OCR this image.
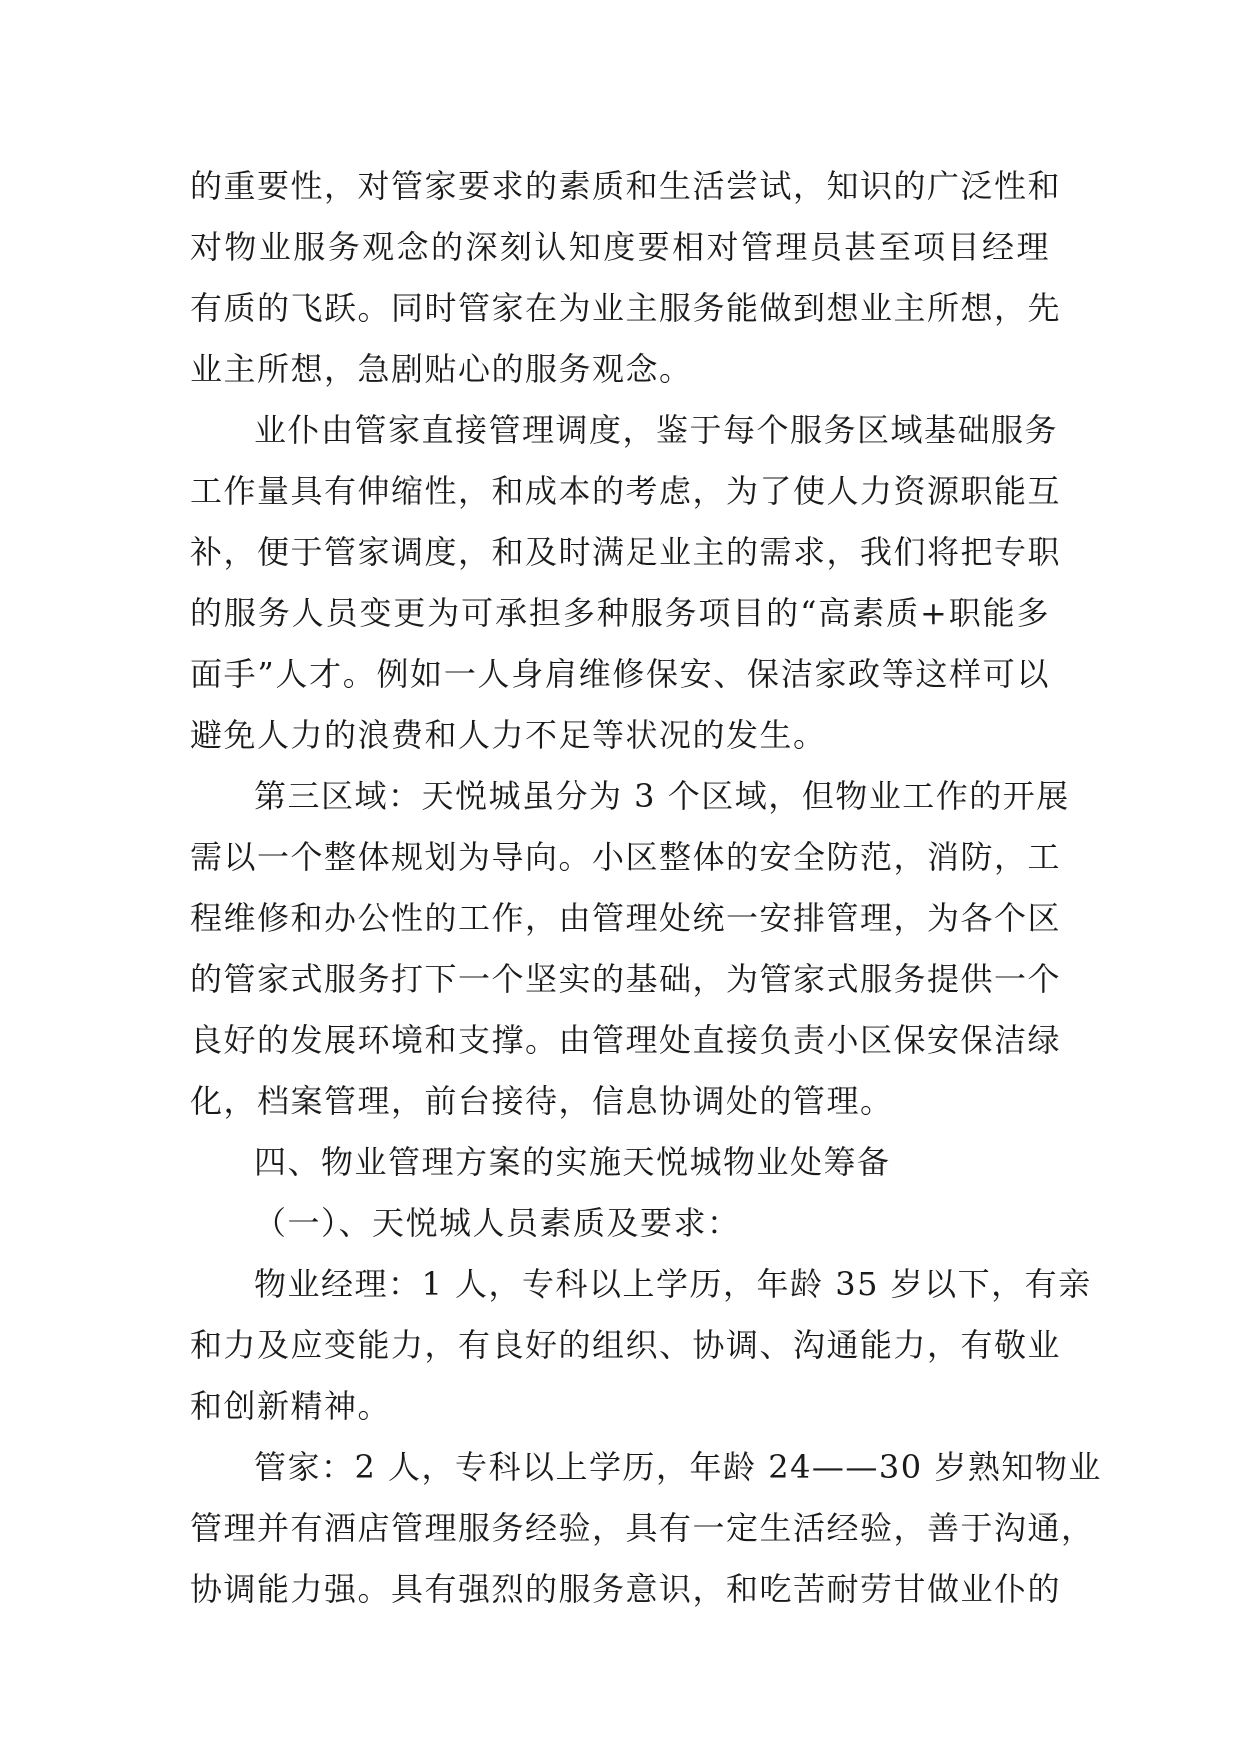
的重要性，对管家要求的素质和生活尝试，知识的广泛性和
对物业服务观念的深刻认知度要相对管理员甚至项目经理
有质的飞跃。同时管家在为业主服务能做到想业主所想，先
业主所想，急剧贴心的服务观念。
业仆由管家直接管理调度，鉴于每个服务区域基础服务
工作量具有伸缩性，和成本的考虑，为了使人力资源职能互
补，便于管家调度，和及时满足业主的需求，我们将把专职
的服务人员变更为可承担多种服务项目的“高素质+职能多
面手”人才。例如一人身肩维修保安、保洁家政等这样可以
避免人力的浪费和人力不足等状况的发生。
第三区域：天悦城虽分为 3 个区域，但物业工作的开展
需以一个整体规划为导向。小区整体的安全防范，消防，工
程维修和办公性的工作，由管理处统一安排管理，为各个区
的管家式服务打下一个坚实的基础，为管家式服务提供一个
良好的发展环境和支撑。由管理处直接负责小区保安保洁绿
化，档案管理，前台接待，信息协调处的管理。
四、物业管理方案的实施天悦城物业处筹备
（一）、天悦城人员素质及要求：
物业经理：1 人，专科以上学历，年龄 35 岁以下，有亲
和力及应变能力，有良好的组织、协调、沟通能力，有敬业
和创新精神。
管家：2 人，专科以上学历，年龄 24——30 岁熟知物业
管理并有酒店管理服务经验，具有一定生活经验，善于沟通，
协调能力强。具有强烈的服务意识，和吃苦耐劳甘做业仆的
